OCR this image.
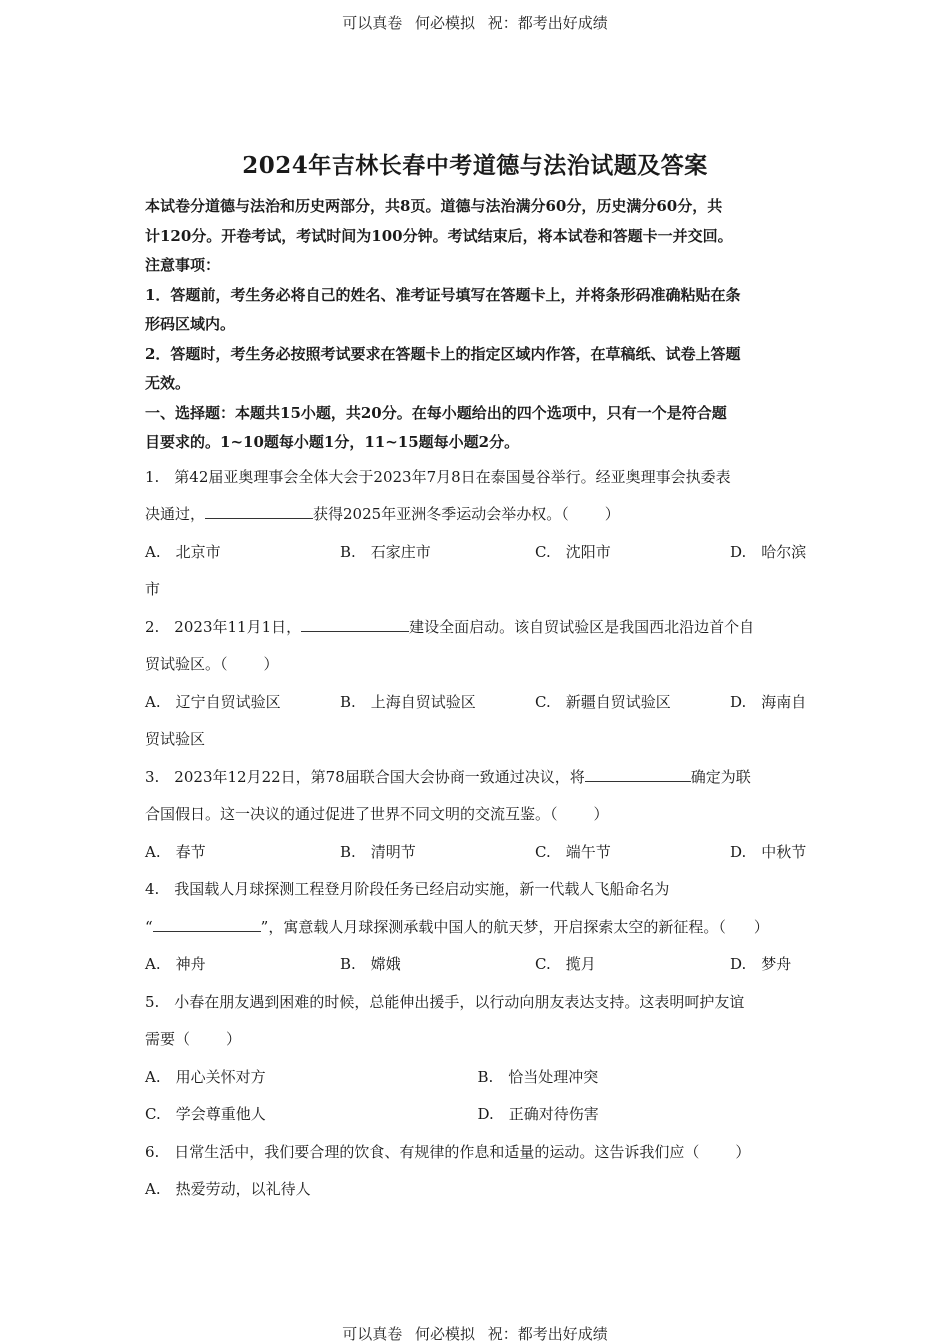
可以真卷 何必模拟 祝：都考出好成绩
2024年吉林长春中考道德与法治试题及答案

本试卷分道德与法治和历史两部分，共8页。道德与法治满分60分，历史满分60分，共

计120分。开卷考试，考试时间为100分钟。考试结束后，将本试卷和答题卡一并交回。

注意事项：

1．答题前，考生务必将自己的姓名、准考证号填写在答题卡上，并将条形码准确粘贴在条

形码区域内。

2．答题时，考生务必按照考试要求在答题卡上的指定区域内作答，在草稿纸、试卷上答题

无效。

一、选择题：本题共15小题，共20分。在每小题给出的四个选项中，只有一个是符合题

目要求的。1~10题每小题1分，11~15题每小题2分。

1.　第42届亚奥理事会全体大会于2023年7月8日在泰国曼谷举行。经亚奥理事会执委表

决通过，	获得2025年亚洲冬季运动会举办权。（ ）

A.　北京市	B.　石家庄市	C.　沈阳市	D.　哈尔滨

市

2.　2023年11月1日，	建设全面启动。该自贸试验区是我国西北沿边首个自

贸试验区。（ ）

A.　辽宁自贸试验区	B.　上海自贸试验区	C.　新疆自贸试验区	D.　海南自

贸试验区

3.　2023年12月22日，第78届联合国大会协商一致通过决议，将	确定为联

合国假日。这一决议的通过促进了世界不同文明的交流互鉴。（ ）

A.　春节	B.　清明节	C.　端午节	D.　中秋节

4.　我国载人月球探测工程登月阶段任务已经启动实施，新一代载人飞船命名为

“	”，寓意载人月球探测承载中国人的航天梦，开启探索太空的新征程。（ ）

A.　神舟	B.　嫦娥	C.　揽月	D.　梦舟

5.　小春在朋友遇到困难的时候，总能伸出援手，以行动向朋友表达支持。这表明呵护友谊

需要（ ）

A.　用心关怀对方	B.　恰当处理冲突
C.　学会尊重他人	D.　正确对待伤害

6.　日常生活中，我们要合理的饮食、有规律的作息和适量的运动。这告诉我们应（ ）

A.　热爱劳动，以礼待人

可以真卷 何必模拟 祝：都考出好成绩
